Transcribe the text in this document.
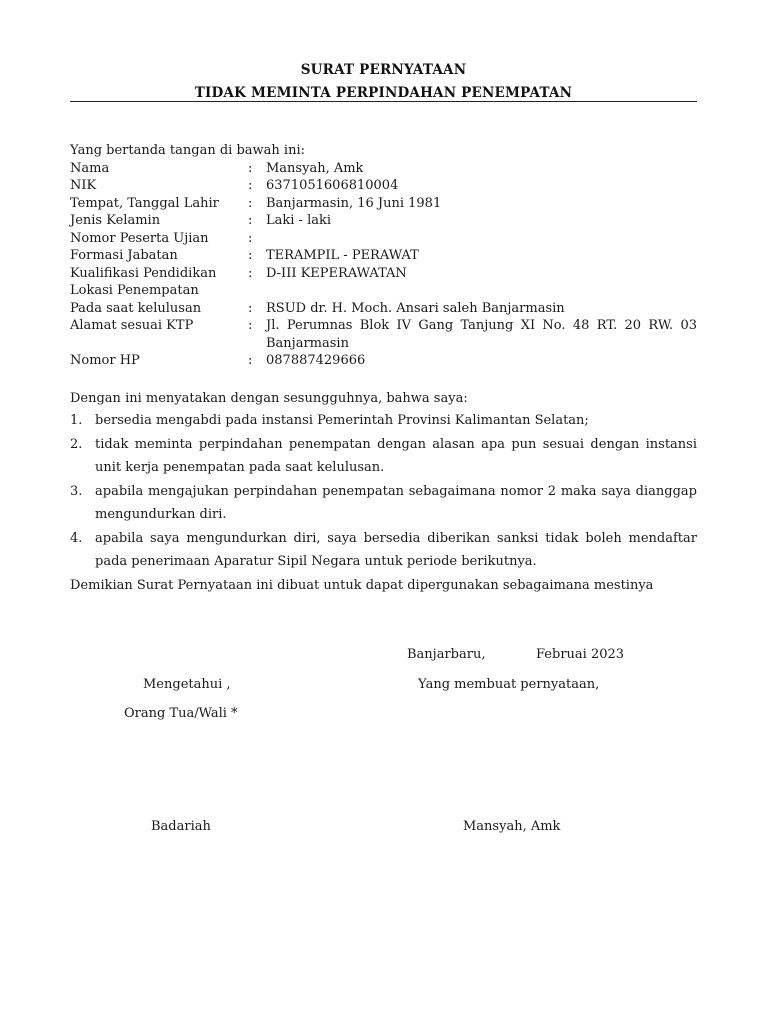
SURAT PERNYATAAN
TIDAK MEMINTA PERPINDAHAN PENEMPATAN
Yang bertanda tangan di bawah ini:
Nama	:	Mansyah, Amk
NIK	:	6371051606810004
Tempat, Tanggal Lahir	:	Banjarmasin, 16 Juni 1981
Jenis Kelamin	:	Laki - laki
Nomor Peserta Ujian	:
Formasi Jabatan	:	TERAMPIL - PERAWAT
Kualifikasi Pendidikan	:	D-III KEPERAWATAN
Lokasi Penempatan
Pada saat kelulusan	:	RSUD dr. H. Moch. Ansari saleh Banjarmasin
Alamat sesuai KTP	:	Jl. Perumnas Blok IV Gang Tanjung XI No. 48 RT. 20 RW. 03 Banjarmasin
Nomor HP	:	087887429666
Dengan ini menyatakan dengan sesungguhnya, bahwa saya:
1. bersedia mengabdi pada instansi Pemerintah Provinsi Kalimantan Selatan;
2. tidak meminta perpindahan penempatan dengan alasan apa pun sesuai dengan instansi unit kerja penempatan pada saat kelulusan.
3. apabila mengajukan perpindahan penempatan sebagaimana nomor 2 maka saya dianggap mengundurkan diri.
4. apabila saya mengundurkan diri, saya bersedia diberikan sanksi tidak boleh mendaftar pada penerimaan Aparatur Sipil Negara untuk periode berikutnya.
Demikian Surat Pernyataan ini dibuat untuk dapat dipergunakan sebagaimana mestinya
Banjarbaru,	Februai 2023
Mengetahui ,	Yang membuat pernyataan,
Orang Tua/Wali *
Badariah	Mansyah, Amk
